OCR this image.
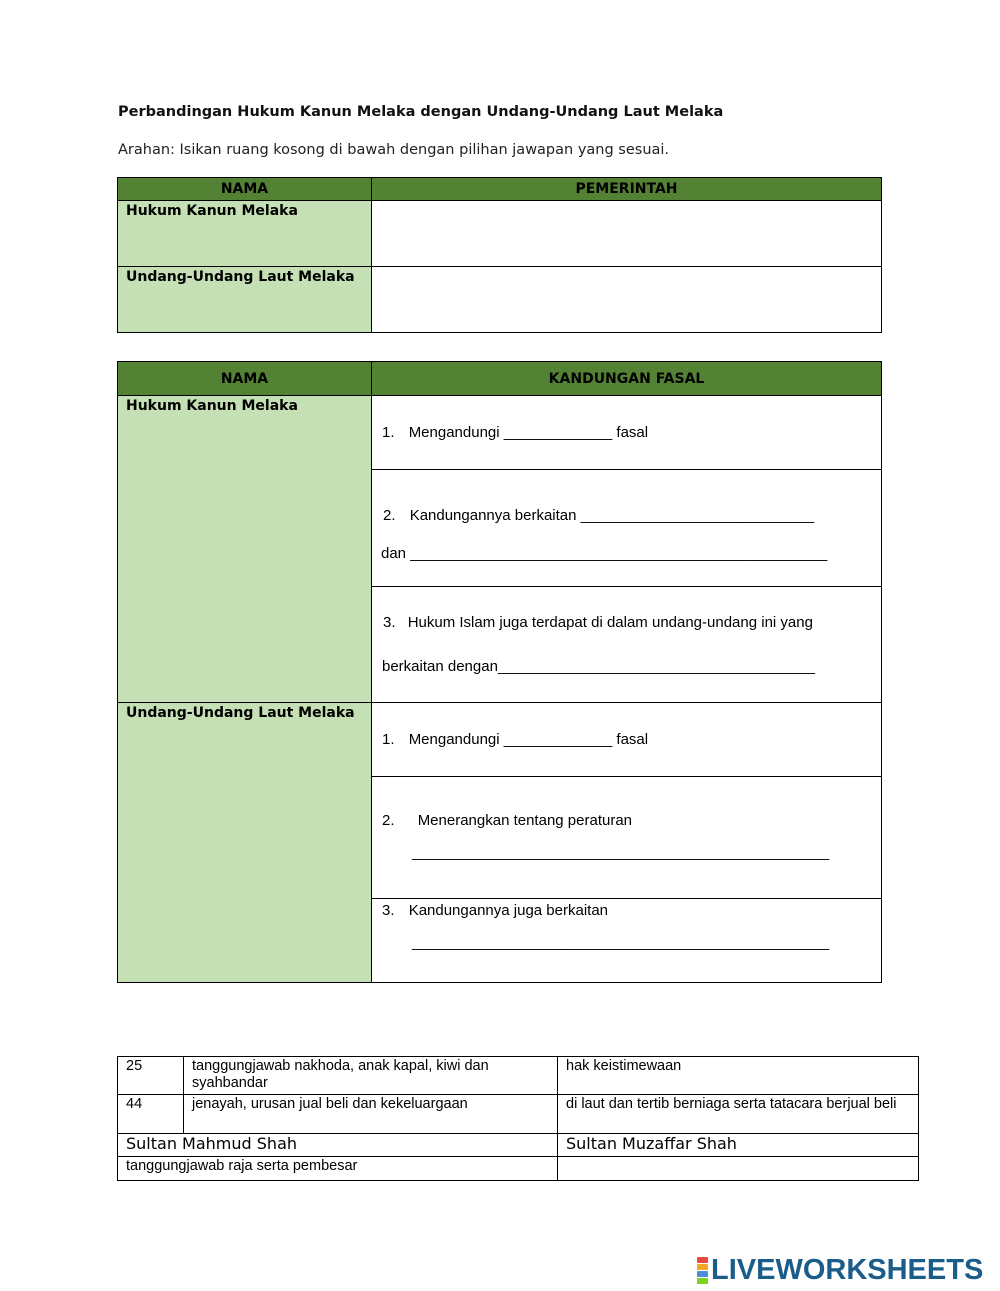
Perbandingan Hukum Kanun Melaka dengan Undang-Undang Laut Melaka
Arahan: Isikan ruang kosong di bawah dengan pilihan jawapan yang sesuai.
NAMA	PEMERINTAH
Hukum Kanun Melaka	
Undang-Undang Laut Melaka	
NAMA	KANDUNGAN FASAL
Hukum Kanun Melaka	1. Mengandungi _____________ fasal

	2. Kandungannya berkaitan ____________________________
dan __________________________________________________

	3. Hukum Islam juga terdapat di dalam undang-undang ini yang
berkaitan dengan______________________________________

Undang-Undang Laut Melaka	1. Mengandungi _____________ fasal

	2. Menerangkan tentang peraturan
__________________________________________________

	3. Kandungannya juga berkaitan
__________________________________________________
25	tanggungjawab nakhoda, anak kapal, kiwi dan syahbandar	hak keistimewaan
44	jenayah, urusan jual beli dan kekeluargaan	di laut dan tertib berniaga serta tatacara berjual beli
Sultan Mahmud Shah		Sultan Muzaffar Shah
tanggungjawab raja serta pembesar		
LIVEWORKSHEETS
